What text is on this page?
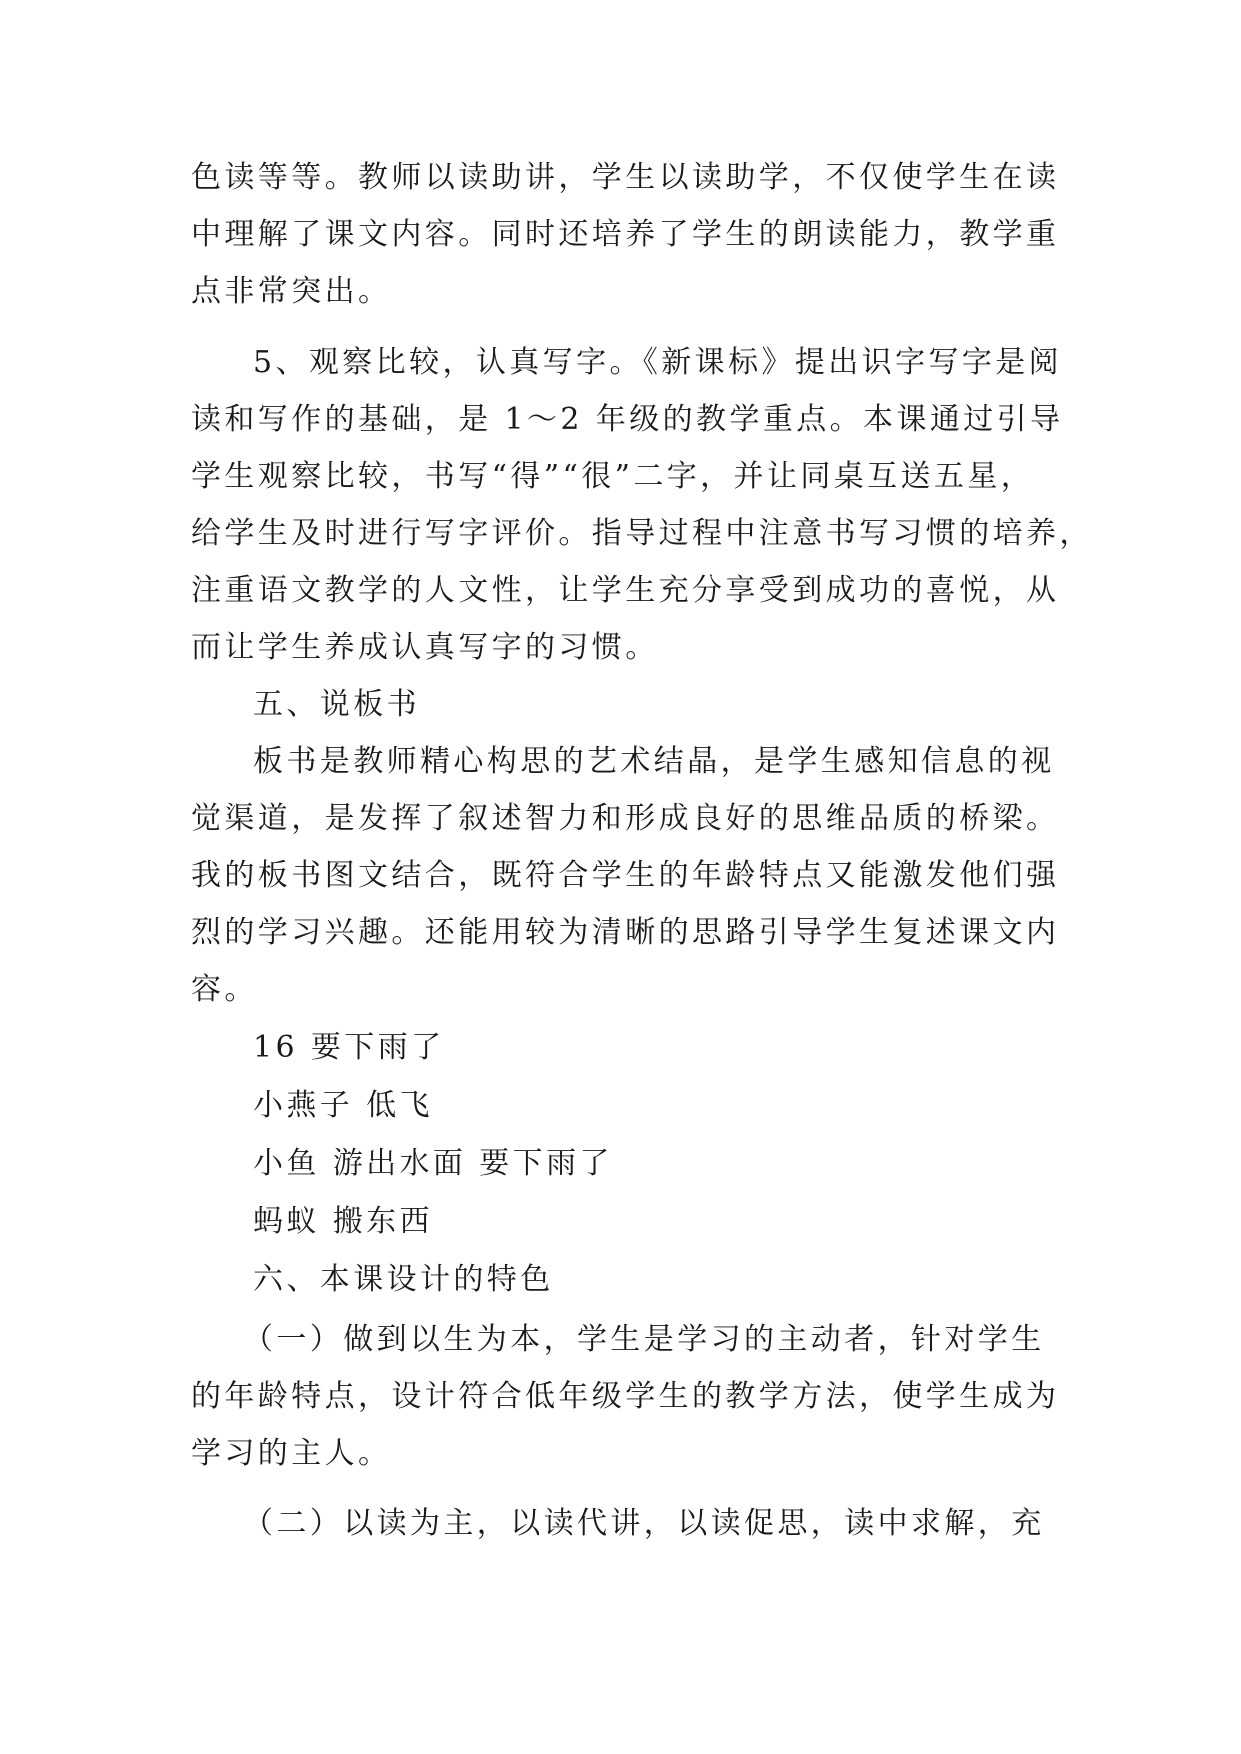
色读等等。教师以读助讲，学生以读助学，不仅使学生在读
中理解了课文内容。同时还培养了学生的朗读能力，教学重
点非常突出。
5、观察比较，认真写字。《新课标》提出识字写字是阅
读和写作的基础，是 1～2 年级的教学重点。本课通过引导
学生观察比较，书写“得”“很”二字，并让同桌互送五星，
给学生及时进行写字评价。指导过程中注意书写习惯的培养，
注重语文教学的人文性，让学生充分享受到成功的喜悦，从
而让学生养成认真写字的习惯。
五、说板书
板书是教师精心构思的艺术结晶，是学生感知信息的视
觉渠道，是发挥了叙述智力和形成良好的思维品质的桥梁。
我的板书图文结合，既符合学生的年龄特点又能激发他们强
烈的学习兴趣。还能用较为清晰的思路引导学生复述课文内
容。
16 要下雨了
小燕子 低飞
小鱼 游出水面 要下雨了
蚂蚁 搬东西
六、本课设计的特色
（一）做到以生为本，学生是学习的主动者，针对学生
的年龄特点，设计符合低年级学生的教学方法，使学生成为
学习的主人。
（二）以读为主，以读代讲，以读促思，读中求解，充
